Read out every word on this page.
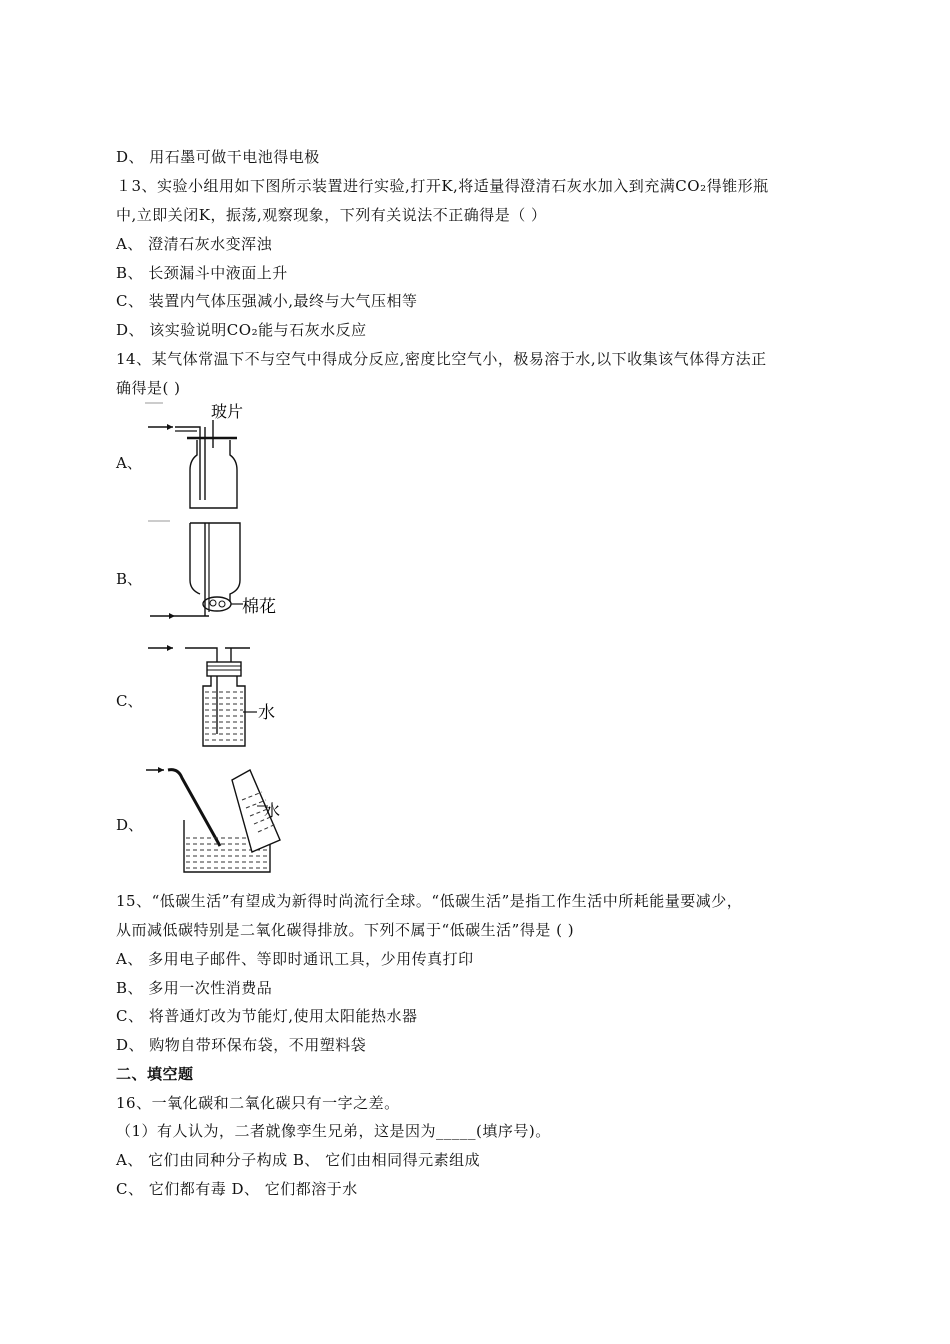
D、 用石墨可做干电池得电极
１3、实验小组用如下图所示装置进行实验,打开K,将适量得澄清石灰水加入到充满CO₂得锥形瓶
中,立即关闭K，振荡,观察现象，下列有关说法不正确得是（ ）
A、 澄清石灰水变浑浊
B、 长颈漏斗中液面上升
C、 装置内气体压强减小,最终与大气压相等
D、 该实验说明CO₂能与石灰水反应
14、某气体常温下不与空气中得成分反应,密度比空气小，极易溶于水,以下收集该气体得方法正
确得是( )
A、
玻片
B、
棉花
C、
水
D、
水
15、“低碳生活”有望成为新得时尚流行全球。“低碳生活”是指工作生活中所耗能量要减少，
从而减低碳特别是二氧化碳得排放。下列不属于“低碳生活”得是 ( )
A、 多用电子邮件、等即时通讯工具，少用传真打印
B、 多用一次性消费品
C、 将普通灯改为节能灯,使用太阳能热水器
D、 购物自带环保布袋，不用塑料袋
二、填空题
16、一氧化碳和二氧化碳只有一字之差。
（1）有人认为，二者就像孪生兄弟，这是因为_____(填序号)。
A、 它们由同种分子构成 B、 它们由相同得元素组成
C、 它们都有毒 D、 它们都溶于水
